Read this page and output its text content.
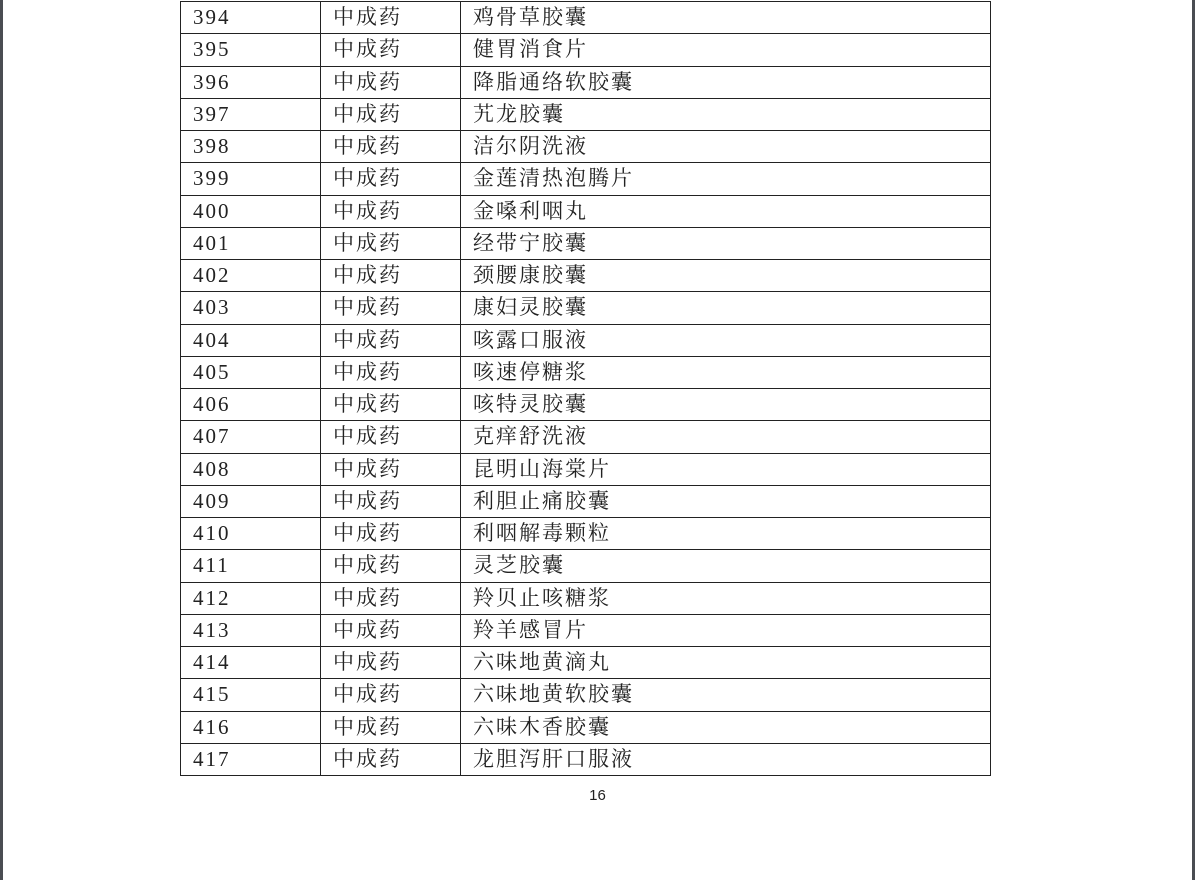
394	中成药	鸡骨草胶囊
395	中成药	健胃消食片
396	中成药	降脂通络软胶囊
397	中成药	艽龙胶囊
398	中成药	洁尔阴洗液
399	中成药	金莲清热泡腾片
400	中成药	金嗓利咽丸
401	中成药	经带宁胶囊
402	中成药	颈腰康胶囊
403	中成药	康妇灵胶囊
404	中成药	咳露口服液
405	中成药	咳速停糖浆
406	中成药	咳特灵胶囊
407	中成药	克痒舒洗液
408	中成药	昆明山海棠片
409	中成药	利胆止痛胶囊
410	中成药	利咽解毒颗粒
411	中成药	灵芝胶囊
412	中成药	羚贝止咳糖浆
413	中成药	羚羊感冒片
414	中成药	六味地黄滴丸
415	中成药	六味地黄软胶囊
416	中成药	六味木香胶囊
417	中成药	龙胆泻肝口服液
16
